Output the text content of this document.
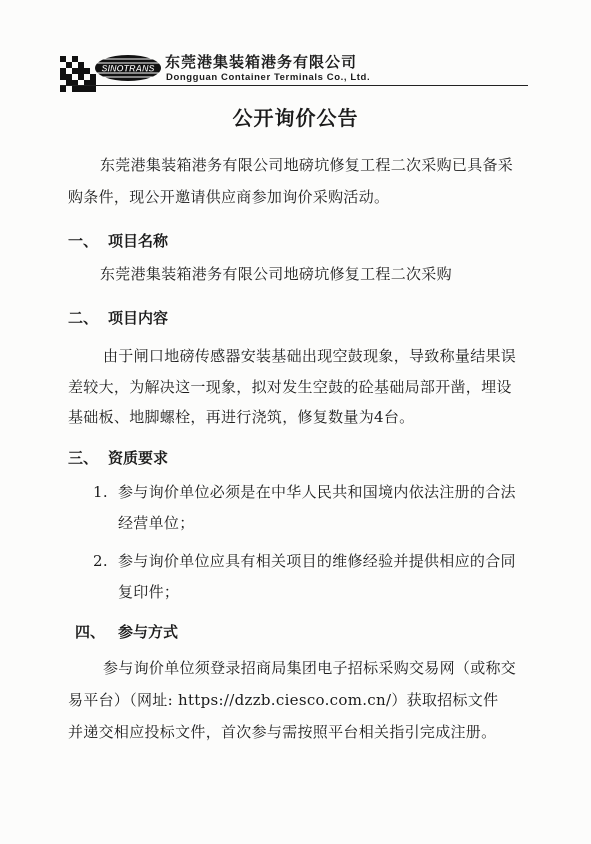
SINOTRANS 东莞港集装箱港务有限公司
Dongguan Container Terminals Co., Ltd.
公开询价公告
东莞港集装箱港务有限公司地磅坑修复工程二次采购已具备采
购条件，现公开邀请供应商参加询价采购活动。
一、 项目名称
东莞港集装箱港务有限公司地磅坑修复工程二次采购
二、 项目内容
由于闸口地磅传感器安装基础出现空鼓现象，导致称量结果误
差较大，为解决这一现象，拟对发生空鼓的砼基础局部开凿，埋设
基础板、地脚螺栓，再进行浇筑，修复数量为4台。
三、 资质要求
1. 参与询价单位必须是在中华人民共和国境内依法注册的合法
经营单位；
2. 参与询价单位应具有相关项目的维修经验并提供相应的合同
复印件；
四、 参与方式
参与询价单位须登录招商局集团电子招标采购交易网（或称交
易平台）（网址: https://dzzb.ciesco.com.cn/）获取招标文件
并递交相应投标文件，首次参与需按照平台相关指引完成注册。
